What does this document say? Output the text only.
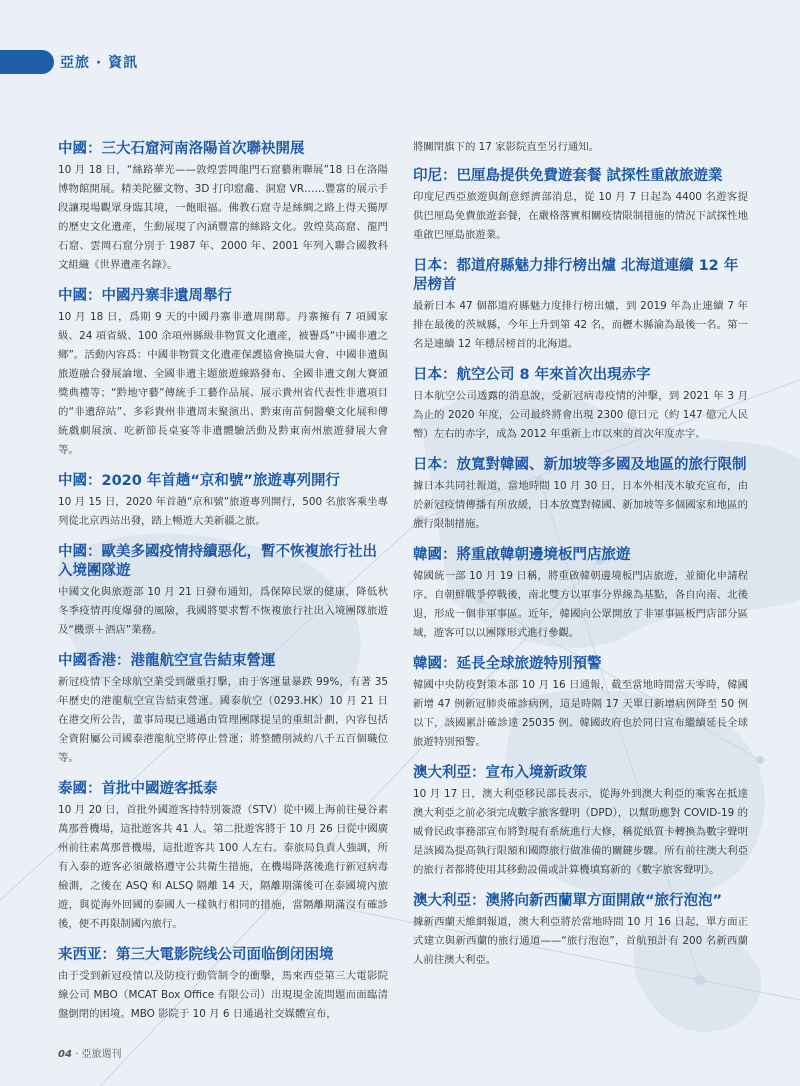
亞旅 · 資訊
中國：三大石窟河南洛陽首次聯袂開展

10 月 18 日，“絲路華光——敦煌雲岡龍門石窟藝術聯展”18 日在洛陽博物館開展。精美陀羅文物、3D 打印窟龕、洞窟 VR……豐富的展示手段讓現場觀眾身臨其境，一飽眼福。佛教石窟寺是絲綢之路上得天獨厚的歷史文化遺產，生動展現了內涵豐富的絲路文化。敦煌莫高窟、龍門石窟、雲岡石窟分別于 1987 年、2000 年、2001 年列入聯合國教科文組織《世界遺產名錄》。

中國：中國丹寨非遺周舉行

10 月 18 日，爲期 9 天的中國丹寨非遺周開幕。丹寨擁有 7 項國家級、24 項省級、100 余項州縣級非物質文化遺產，被譽爲“中國非遺之鄉”。活動內容爲：中國非物質文化遺產保護協會換屆大會、中國非遺與旅遊融合發展論壇、全國非遺主題旅遊線路發布、全國非遺文創大賽頒獎典禮等；“黔地守藝”傳統手工藝作品展、展示貴州省代表性非遺項目的“非遺辞站”、多彩貴州非遺周末聚演出、黔東南苗侗醫藥文化展和傳統戲劇展演、吃新節長桌宴等非遺體驗活動及黔東南州旅遊發展大會等。

中國：2020 年首趟“京和號”旅遊專列開行

10 月 15 日，2020 年首趟“京和號”旅遊專列開行，500 名旅客乘坐專列從北京西站出發，踏上暢遊大美新疆之旅。

中國：歐美多國疫情持續惡化，暫不恢複旅行社出入境團隊遊

中國文化與旅遊部 10 月 21 日發布通知，爲保障民眾的健康，降低秋冬季疫情再度爆發的風險，我國將要求暫不恢複旅行社出入境團隊旅遊及“機票＋酒店”業務。

中國香港：港龍航空宣告結束營運

新冠疫情下全球航空業受到嚴重打擊，由于客運量暴跌 99%，有著 35 年歷史的港龍航空宣告結束營運。國泰航空（0293.HK）10 月 21 日在港交所公告，董事局現已通過由管理團隊提呈的重組計劃，內容包括全資附屬公司國泰港龍航空將停止營運；將整體削減約八千五百個職位等。

泰國：首批中國遊客抵泰

10 月 20 日，首批外國遊客持特別簽證（STV）從中國上海前往曼谷素萬那普機場，這批遊客共 41 人。第二批遊客將于 10 月 26 日從中國廣州前往素萬那普機場，這批遊客共 100 人左右。泰旅局負責人強調，所有入泰的遊客必須嚴格遵守公共衛生措施，在機場降落後進行新冠病毒檢測，之後在 ASQ 和 ALSQ 隔離 14 天，隔離期滿後可在泰國境內旅遊，與從海外回國的泰國人一樣執行相同的措施，當隔離期滿沒有確診後，便不再限制國內旅行。

来西亚：第三大電影院线公司面临倒闭困境

由于受到新冠疫情以及防疫行動管制令的衝擊，馬來西亞第三大電影院線公司 MBO（MCAT Box Office 有限公司）出現現金流問題而面臨清盤倒閉的困境。MBO 影院于 10 月 6 日通過社交媒體宣布，

將關閉旗下的 17 家影院直至另行通知。

印尼：巴厘島提供免費遊套餐 試探性重啟旅遊業

印度尼西亞旅遊與創意經濟部消息，從 10 月 7 日起為 4400 名遊客提供巴厘島免費旅遊套餐，在嚴格落實相關疫情限制措施的情況下試探性地重啟巴厘島旅遊業。

日本：都道府縣魅力排行榜出爐 北海道連續 12 年居榜首

最新日本 47 個都道府縣魅力度排行榜出爐，到 2019 年為止連續 7 年排在最後的茨城縣，今年上升到第 42 名，而櫪木縣淪為最後一名。第一名是連續 12 年穩居榜首的北海道。

日本：航空公司 8 年來首次出現赤字

日本航空公司透露的消息說，受新冠病毒疫情的沖擊，到 2021 年 3 月為止的 2020 年度，公司最終將會出現 2300 億日元（約 147 億元人民幣）左右的赤字，成為 2012 年重新上市以來的首次年度赤字。

日本：放寬對韓國、新加坡等多國及地區的旅行限制

據日本共同社報道，當地時間 10 月 30 日，日本外相茂木敏充宣布，由於新冠疫情傳播有所放緩，日本放寬對韓國、新加坡等多個國家和地區的旅行限制措施。

韓國：將重啟韓朝邊境板門店旅遊

韓國統一部 10 月 19 日稱，將重啟韓朝邊境板門店旅遊，並簡化申請程序。自朝鮮戰爭停戰後，南北雙方以軍事分界線為基點，各自向南、北後退，形成一個非軍事區。近年，韓國向公眾開放了非軍事區板門店部分區域，遊客可以以團隊形式進行參觀。

韓國：延長全球旅遊特別預警

韓國中央防疫對策本部 10 月 16 日通報，截至當地時間當天零時，韓國新增 47 例新冠肺炎確診病例，這是時隔 17 天單日新增病例降至 50 例以下，該國累計確診達 25035 例。韓國政府也於同日宣布繼續延長全球旅遊特別預警。

澳大利亞：宣布入境新政策

10 月 17 日，澳大利亞移民部長表示，從海外到澳大利亞的乘客在抵達澳大利亞之前必須完成數字旅客聲明（DPD），以幫助應對 COVID-19 的威脅民政事務部宣布將對現有系統進行大修，稱從紙質卡轉換為數字聲明是該國為提高執行限額和國際旅行做准備的關鍵步驟。所有前往澳大利亞的旅行者都將使用其移動設備或計算機填寫新的《數字旅客聲明》。

澳大利亞：澳將向新西蘭單方面開啟“旅行泡泡”

據新西蘭天維網報道，澳大利亞將於當地時間 10 月 16 日起，單方面正式建立與新西蘭的旅行通道——“旅行泡泡”，首航預計有 200 名新西蘭人前往澳大利亞。

04 · 亞旅週刊
